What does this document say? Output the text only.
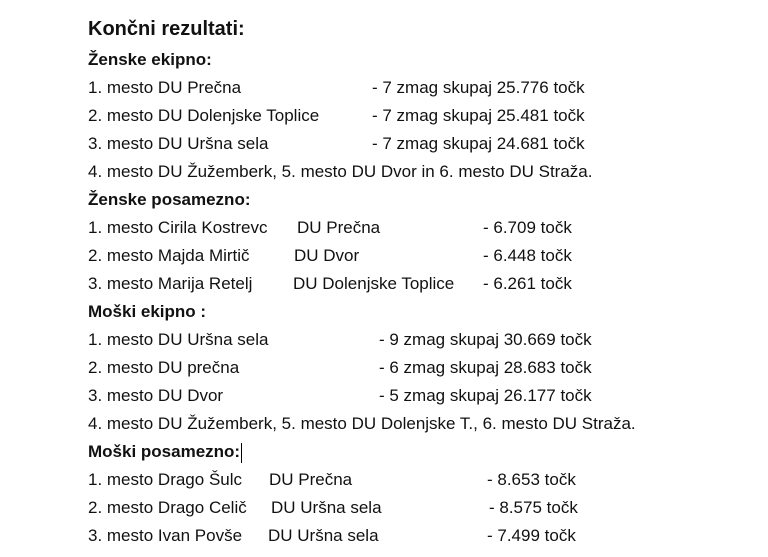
Končni rezultati:
Ženske ekipno:
1. mesto DU Prečna	- 7 zmag skupaj 25.776 točk
2. mesto DU Dolenjske Toplice	- 7 zmag skupaj 25.481 točk
3. mesto DU Uršna sela	- 7 zmag skupaj 24.681 točk
4. mesto DU Žužemberk, 5. mesto DU Dvor in 6. mesto DU Straža.
Ženske posamezno:
1. mesto Cirila Kostrevc DU Prečna	- 6.709 točk
2. mesto Majda Mirtič	DU Dvor	- 6.448 točk
3. mesto Marija Retelj DU Dolenjske Toplice - 6.261 točk
Moški ekipno :
1. mesto DU Uršna sela	- 9 zmag skupaj 30.669 točk
2. mesto DU prečna	- 6 zmag skupaj 28.683 točk
3. mesto DU Dvor	- 5 zmag skupaj 26.177 točk
4. mesto DU Žužemberk, 5. mesto DU Dolenjske T., 6. mesto DU Straža.
Moški posamezno:
1. mesto Drago Šulc DU Prečna	- 8.653 točk
2. mesto Drago Celič DU Uršna sela	- 8.575 točk
3. mesto Ivan Povše DU Uršna sela	- 7.499 točk
